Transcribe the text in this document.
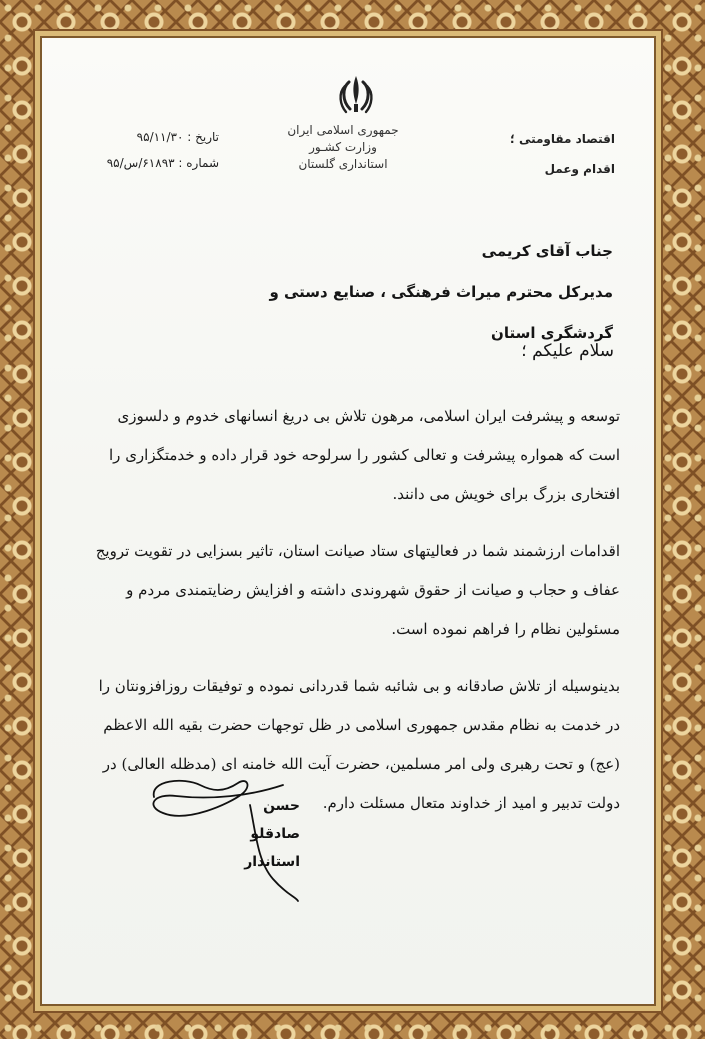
جمهوری اسلامی ایران
وزارت کشـور
استانداری گلستان
تاریخ : ۹۵/۱۱/۳۰
شماره : ۶۱۸۹۳/س/۹۵
اقتصاد مقاومتی ؛
اقدام وعمل
جناب آقای کریمی
مدیرکل محترم میراث فرهنگی ، صنایع دستی و گردشگری استان
سلام علیکم ؛

توسعه و پیشرفت ایران اسلامی، مرهون تلاش بی دریغ انسانهای خدوم و دلسوزی است که همواره پیشرفت و تعالی کشور را سرلوحه خود قرار داده و خدمتگزاری را افتخاری بزرگ برای خویش می دانند.

اقدامات ارزشمند شما در فعالیتهای ستاد صیانت استان، تاثیر بسزایی در تقویت ترویج عفاف و حجاب و صیانت از حقوق شهروندی داشته و افزایش رضایتمندی مردم و مسئولین نظام را فراهم نموده است.

بدینوسیله از تلاش صادقانه و بی شائبه شما قدردانی نموده و توفیقات روزافزونتان را در خدمت به نظام مقدس جمهوری اسلامی در ظل توجهات حضرت بقیه الله الاعظم (عج) و تحت رهبری ولی امر مسلمین، حضرت آیت الله خامنه ای (مدظله العالی) در دولت تدبیر و امید از خداوند متعال مسئلت دارم.

حسن صادقلو
استاندار
